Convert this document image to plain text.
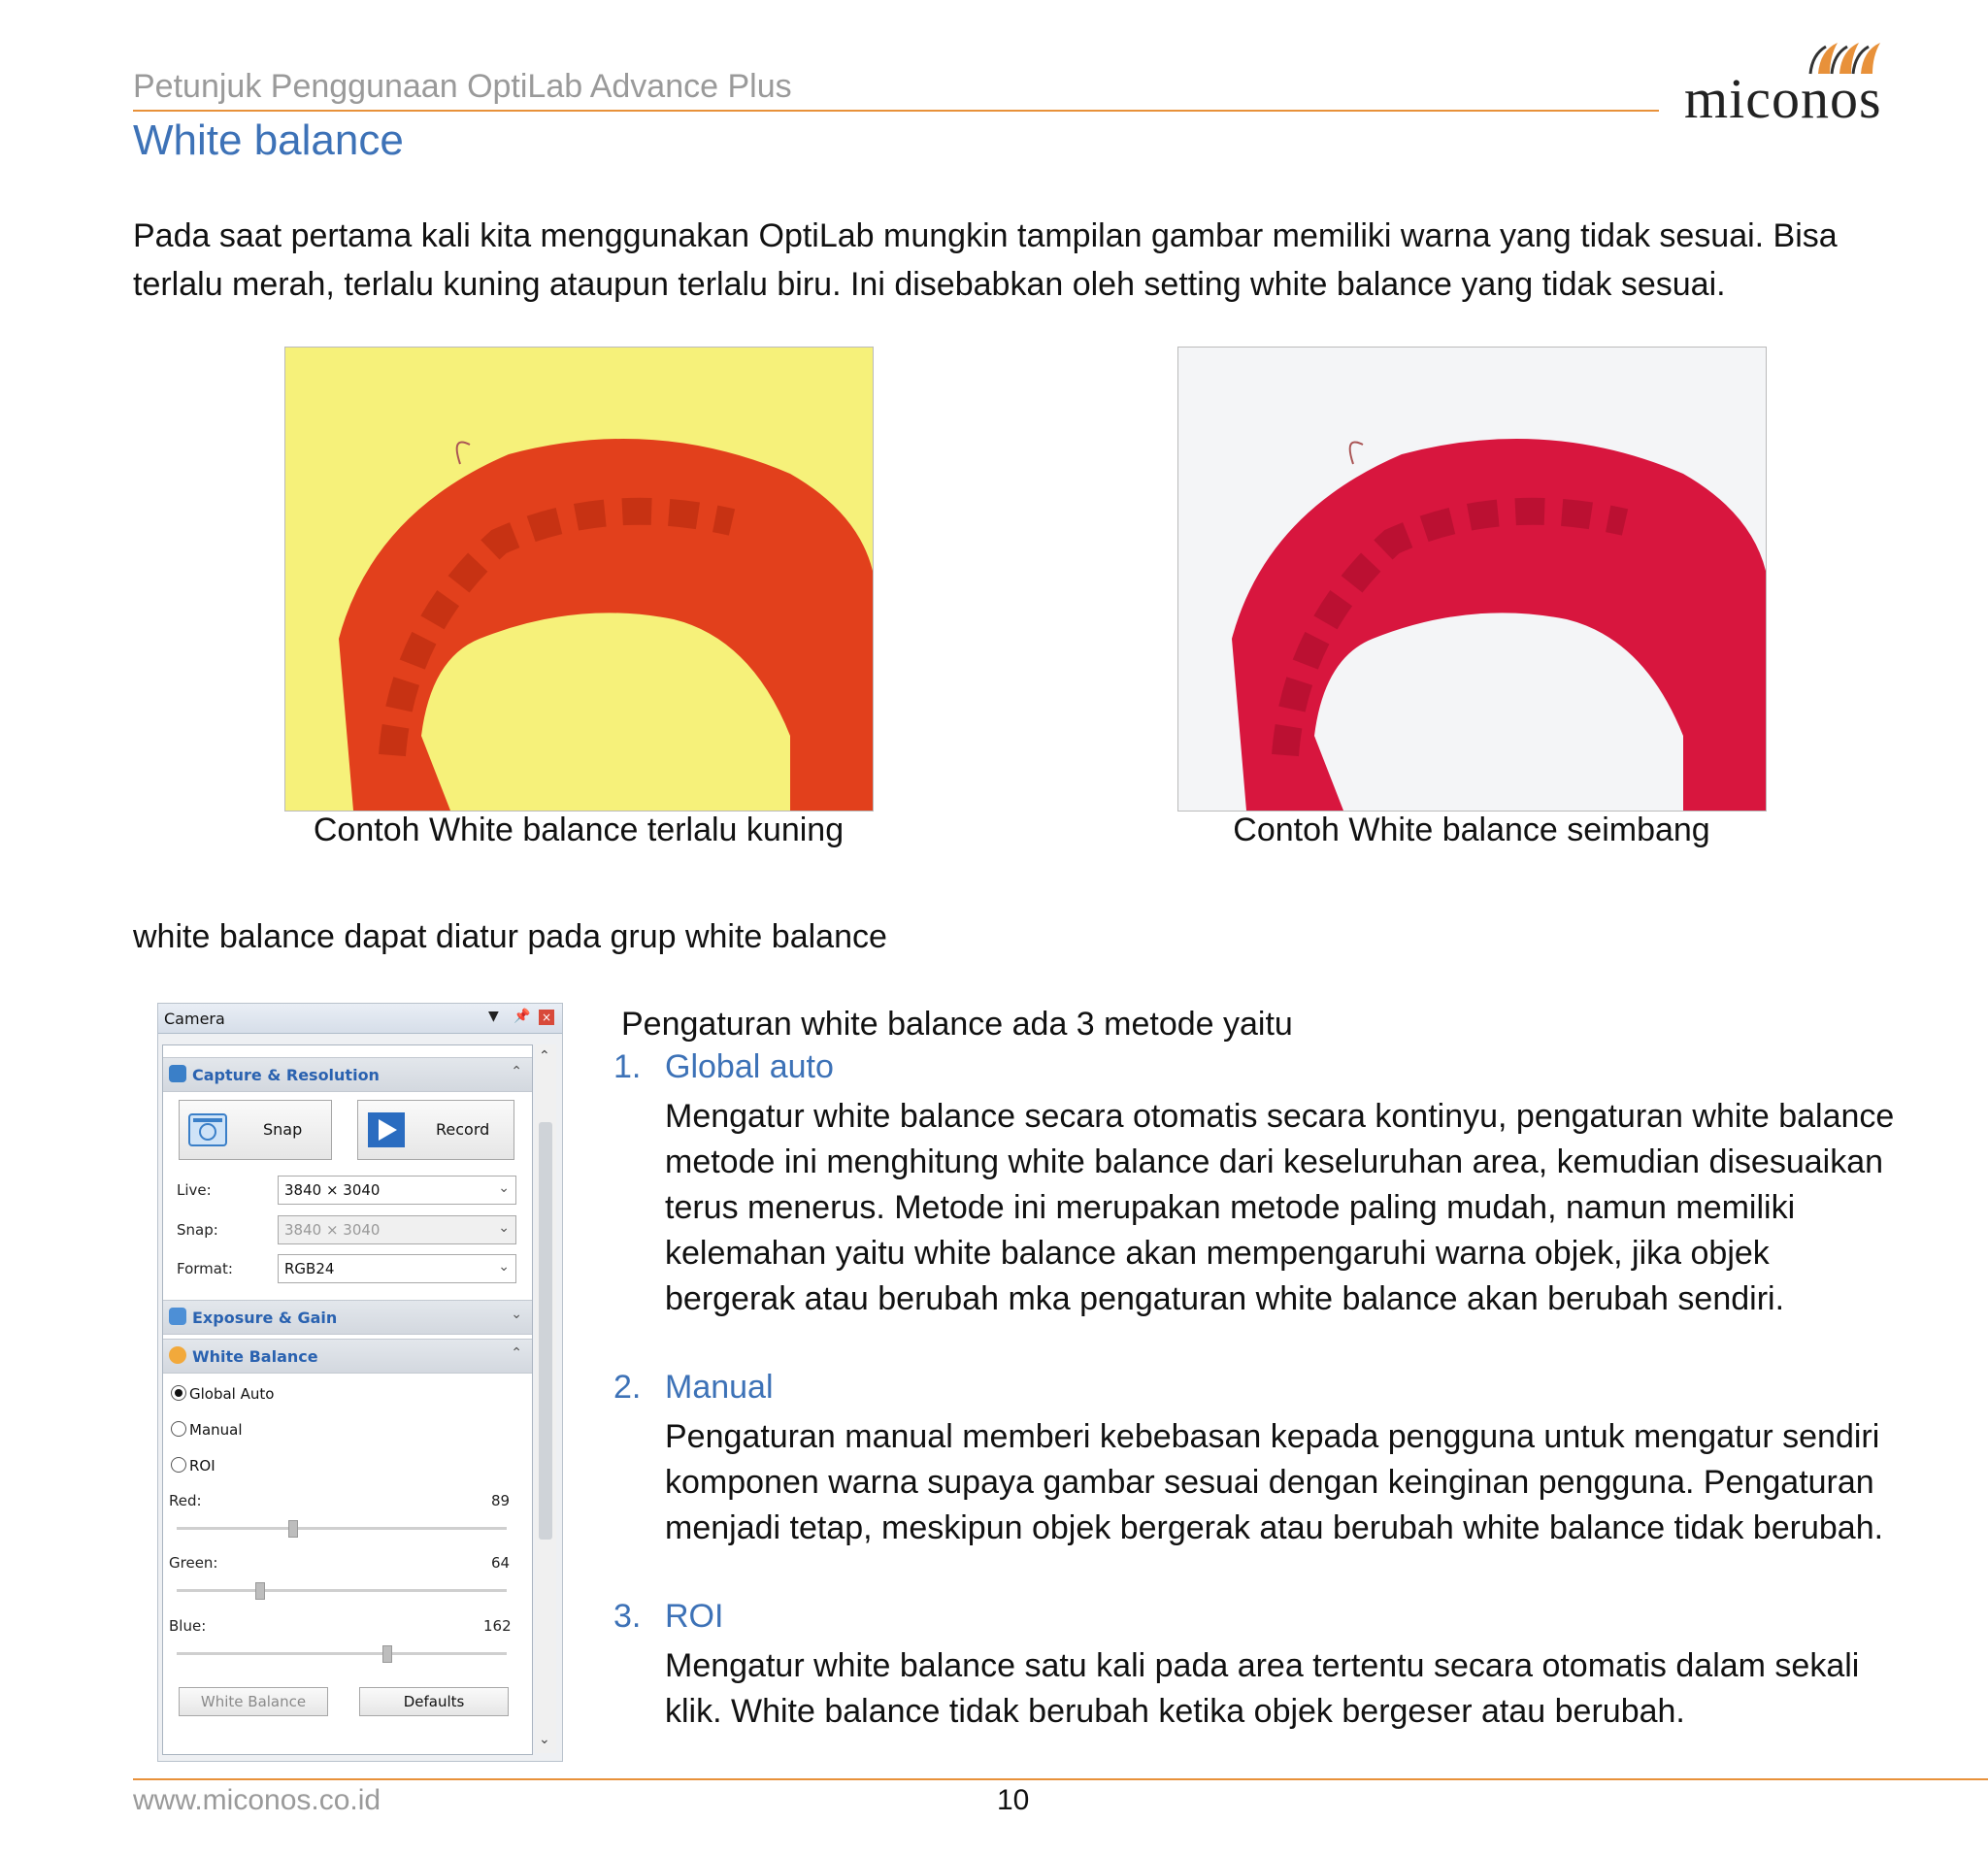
Petunjuk Penggunaan OptiLab Advance Plus	miconos
White balance
Pada saat pertama kali kita menggunakan OptiLab mungkin tampilan gambar memiliki warna yang tidak sesuai. Bisa terlalu merah, terlalu kuning ataupun terlalu biru. Ini disebabkan oleh setting white balance yang tidak sesuai.
Contoh White balance terlalu kuning	Contoh White balance seimbang
white balance dapat diatur pada grup white balance
Camera	▼ 📌 ×
Capture & Resolution	⌃
Snap	Record
Live:	3840 × 3040	⌄
Snap:	3840 × 3040	⌄
Format:	RGB24	⌄
Exposure & Gain	⌄
White Balance	⌃
Global Auto
Manual
ROI
Red:	89
Green:	64
Blue:	162
White Balance	Defaults
⌃
⌄
Pengaturan white balance ada 3 metode yaitu
1. Global auto
Mengatur white balance secara otomatis secara kontinyu, pengaturan white balance metode ini menghitung white balance dari keseluruhan area, kemudian disesuaikan terus menerus. Metode ini merupakan metode paling mudah, namun memiliki kelemahan yaitu white balance akan mempengaruhi warna objek, jika objek bergerak atau berubah mka pengaturan white balance akan berubah sendiri.
2. Manual
Pengaturan manual memberi kebebasan kepada pengguna untuk mengatur sendiri komponen warna supaya gambar sesuai dengan keinginan pengguna. Pengaturan menjadi tetap, meskipun objek bergerak atau berubah white balance tidak berubah.
3. ROI
Mengatur white balance satu kali pada area tertentu secara otomatis dalam sekali klik. White balance tidak berubah ketika objek bergeser atau berubah.
www.miconos.co.id	10
